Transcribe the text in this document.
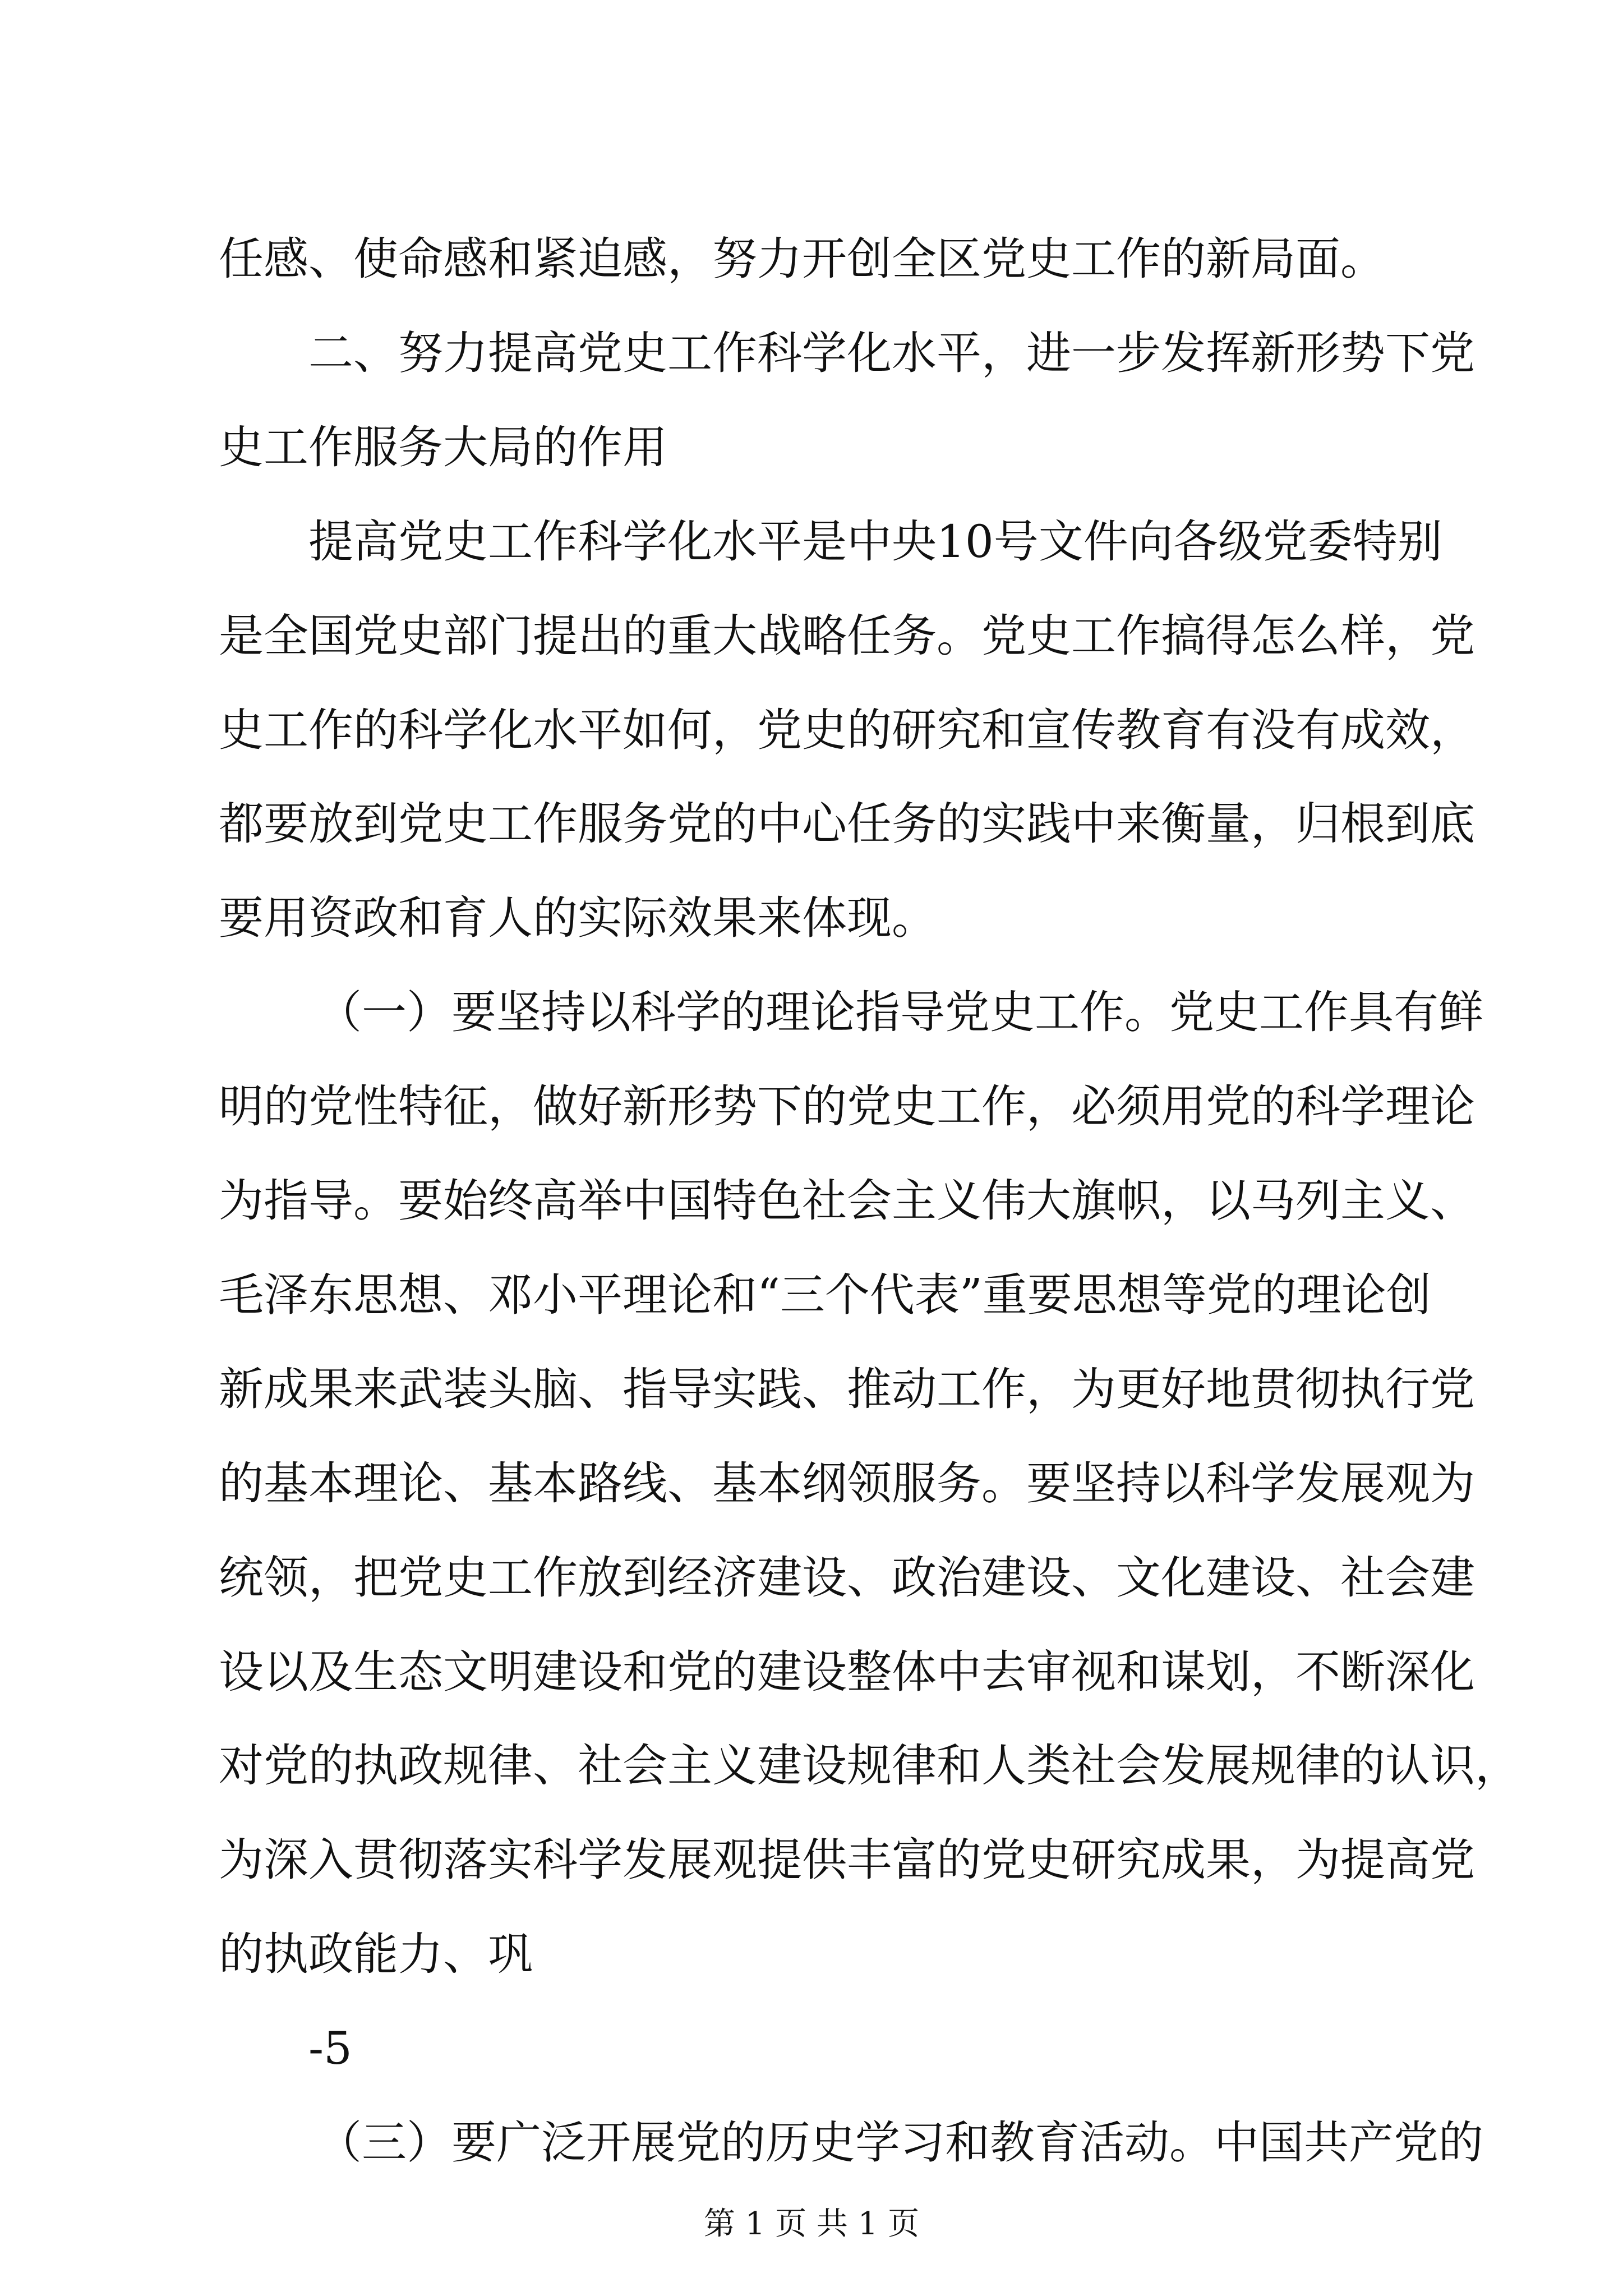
任感、使命感和紧迫感，努力开创全区党史工作的新局面。
二、努力提高党史工作科学化水平，进一步发挥新形势下党
史工作服务大局的作用
提高党史工作科学化水平是中央10号文件向各级党委特别
是全国党史部门提出的重大战略任务。党史工作搞得怎么样，党
史工作的科学化水平如何，党史的研究和宣传教育有没有成效，
都要放到党史工作服务党的中心任务的实践中来衡量，归根到底
要用资政和育人的实际效果来体现。
（一）要坚持以科学的理论指导党史工作。党史工作具有鲜
明的党性特征，做好新形势下的党史工作，必须用党的科学理论
为指导。要始终高举中国特色社会主义伟大旗帜，以马列主义、
毛泽东思想、邓小平理论和“三个代表”重要思想等党的理论创
新成果来武装头脑、指导实践、推动工作，为更好地贯彻执行党
的基本理论、基本路线、基本纲领服务。要坚持以科学发展观为
统领，把党史工作放到经济建设、政治建设、文化建设、社会建
设以及生态文明建设和党的建设整体中去审视和谋划，不断深化
对党的执政规律、社会主义建设规律和人类社会发展规律的认识，
为深入贯彻落实科学发展观提供丰富的党史研究成果，为提高党
的执政能力、巩
-5
（三）要广泛开展党的历史学习和教育活动。中国共产党的
第 1 页 共 1 页
